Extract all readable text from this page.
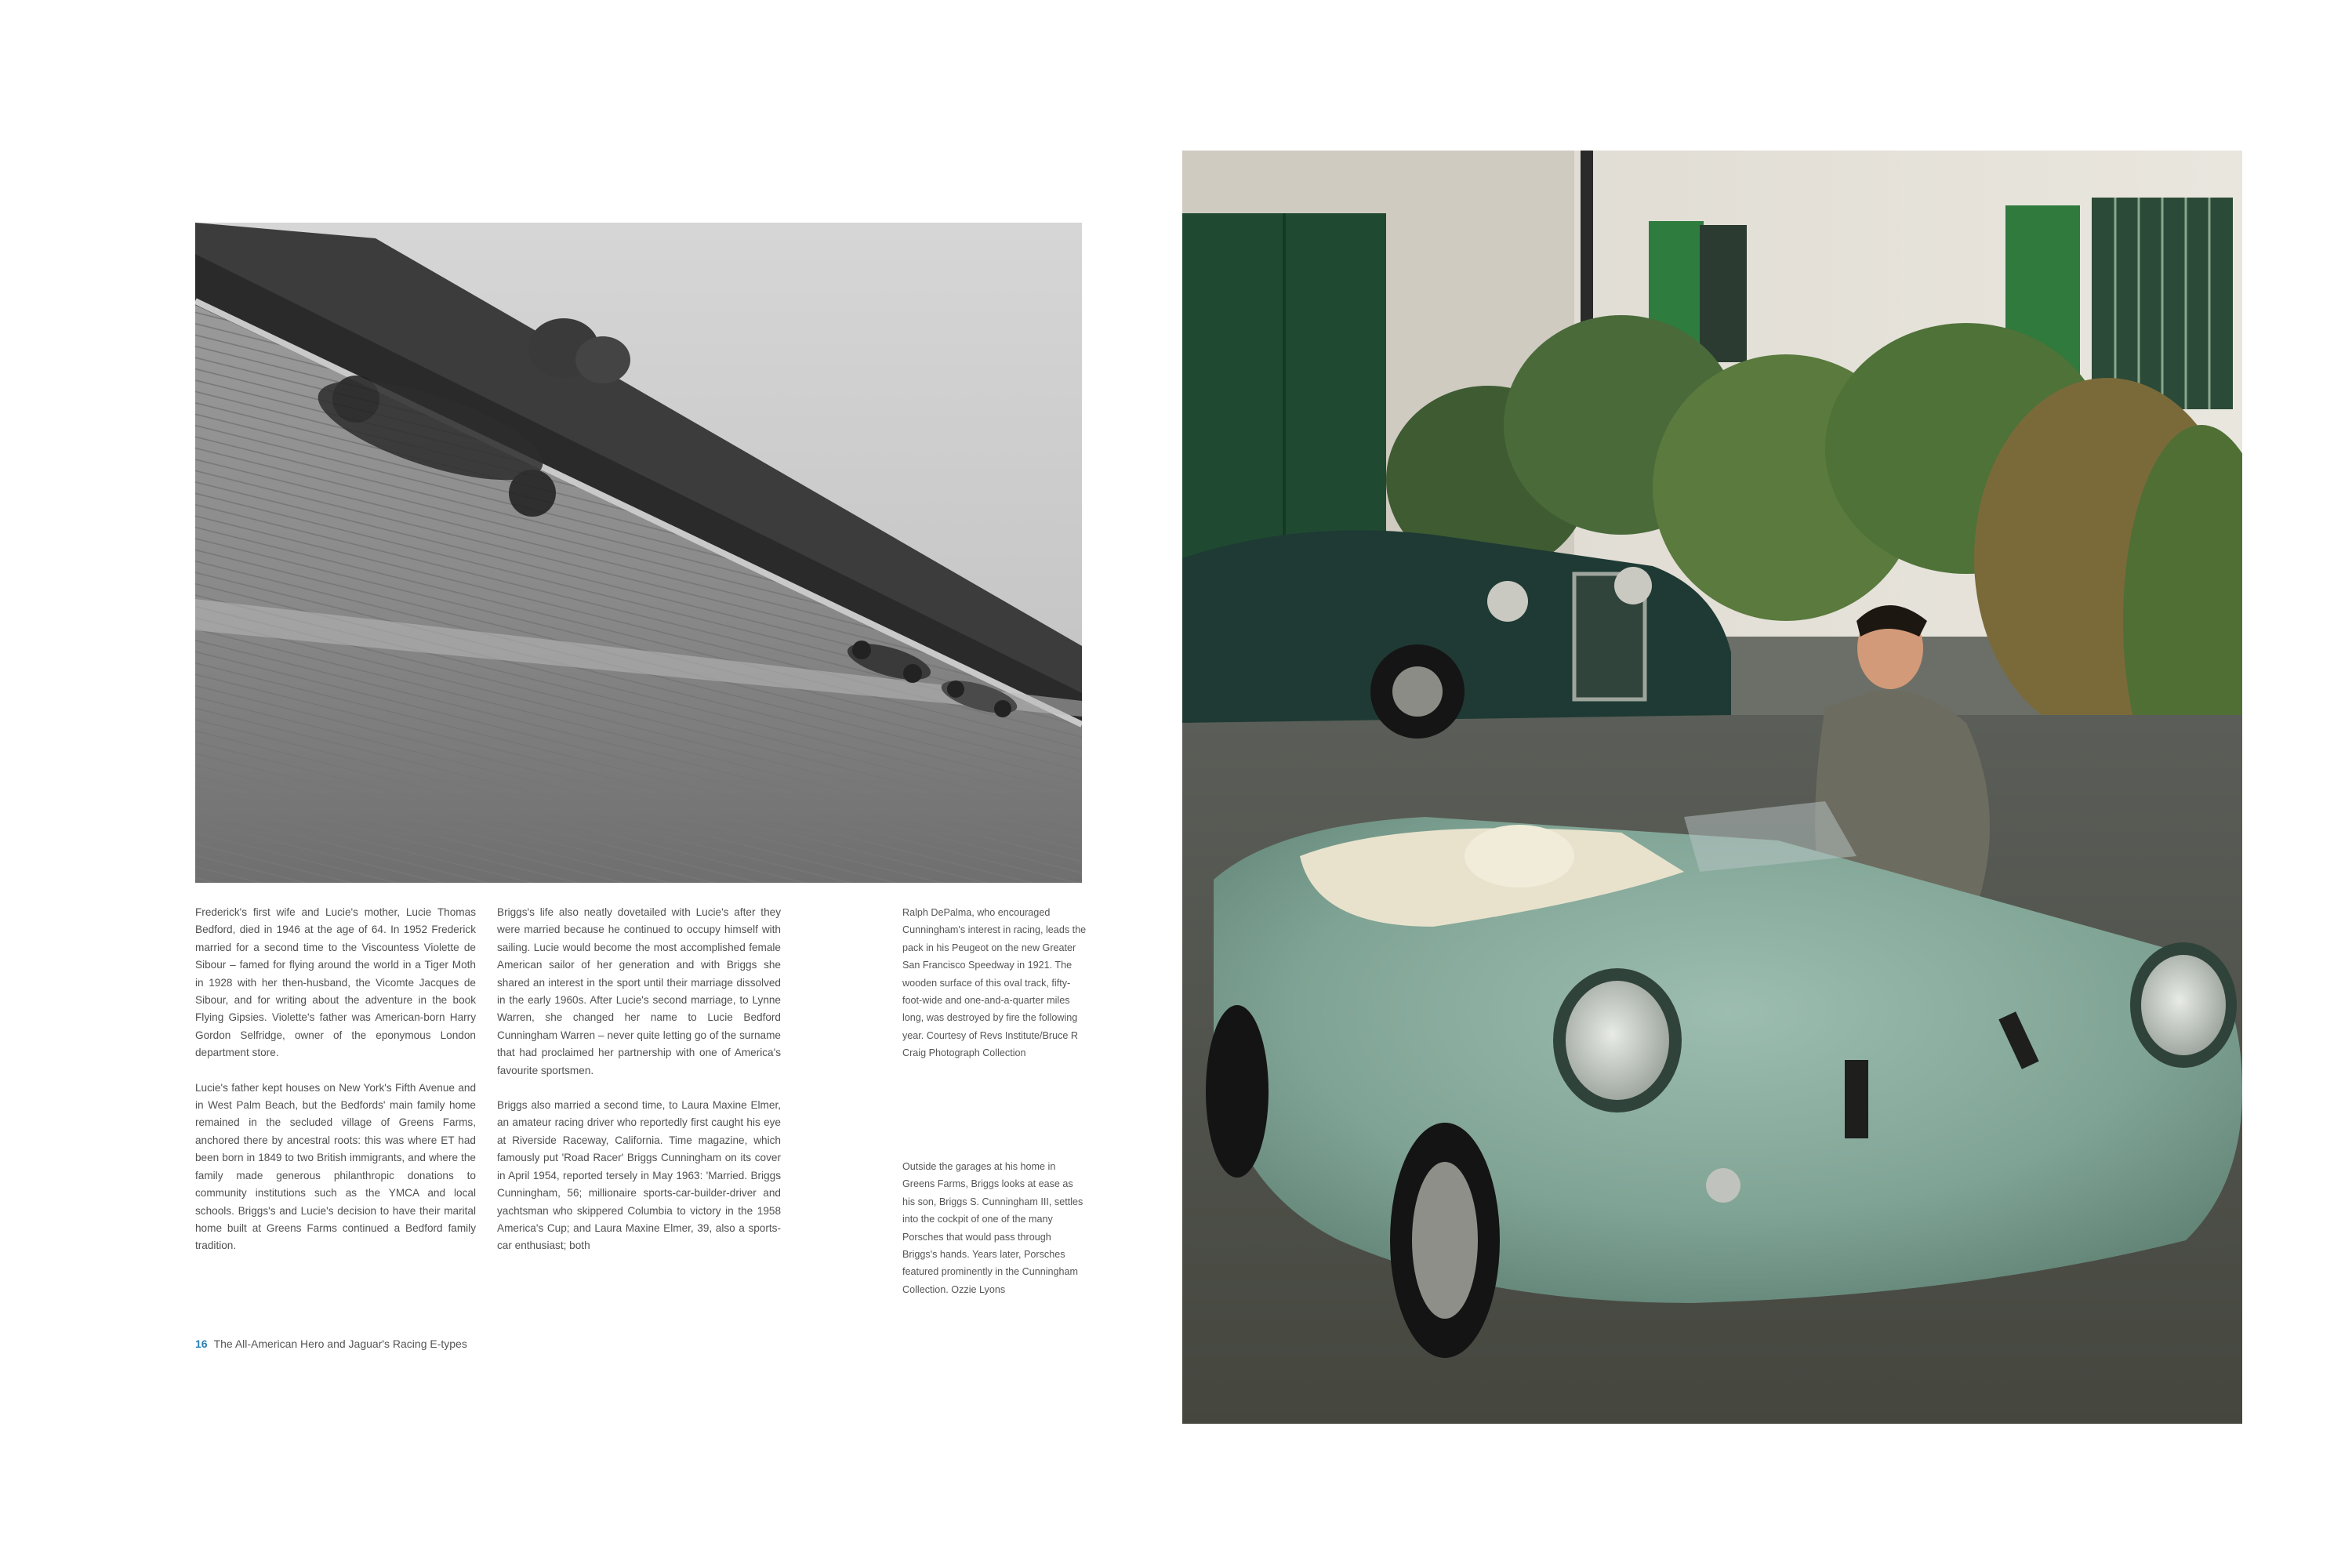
Frederick's first wife and Lucie's mother, Lucie Thomas Bedford, died in 1946 at the age of 64. In 1952 Frederick married for a second time to the Viscountess Violette de Sibour – famed for flying around the world in a Tiger Moth in 1928 with her then-husband, the Vicomte Jacques de Sibour, and for writing about the adventure in the book Flying Gipsies. Violette's father was American-born Harry Gordon Selfridge, owner of the eponymous London department store.

Lucie's father kept houses on New York's Fifth Avenue and in West Palm Beach, but the Bedfords' main family home remained in the secluded village of Greens Farms, anchored there by ancestral roots: this was where ET had been born in 1849 to two British immigrants, and where the family made generous philanthropic donations to community institutions such as the YMCA and local schools. Briggs's and Lucie's decision to have their marital home built at Greens Farms continued a Bedford family tradition.

Briggs's life also neatly dovetailed with Lucie's after they were married because he continued to occupy himself with sailing. Lucie would become the most accomplished female American sailor of her generation and with Briggs she shared an interest in the sport until their marriage dissolved in the early 1960s. After Lucie's second marriage, to Lynne Warren, she changed her name to Lucie Bedford Cunningham Warren – never quite letting go of the surname that had proclaimed her partnership with one of America's favourite sportsmen.

Briggs also married a second time, to Laura Maxine Elmer, an amateur racing driver who reportedly first caught his eye at Riverside Raceway, California. Time magazine, which famously put 'Road Racer' Briggs Cunningham on its cover in April 1954, reported tersely in May 1963: 'Married. Briggs Cunningham, 56; millionaire sports-car-builder-driver and yachtsman who skippered Columbia to victory in the 1958 America's Cup; and Laura Maxine Elmer, 39, also a sports-car enthusiast; both

Ralph DePalma, who encouraged Cunningham's interest in racing, leads the pack in his Peugeot on the new Greater San Francisco Speedway in 1921. The wooden surface of this oval track, fifty-foot-wide and one-and-a-quarter miles long, was destroyed by fire the following year. Courtesy of Revs Institute/Bruce R Craig Photograph Collection
Outside the garages at his home in Greens Farms, Briggs looks at ease as his son, Briggs S. Cunningham III, settles into the cockpit of one of the many Porsches that would pass through Briggs's hands. Years later, Porsches featured prominently in the Cunningham Collection. Ozzie Lyons
16 The All-American Hero and Jaguar's Racing E-types
